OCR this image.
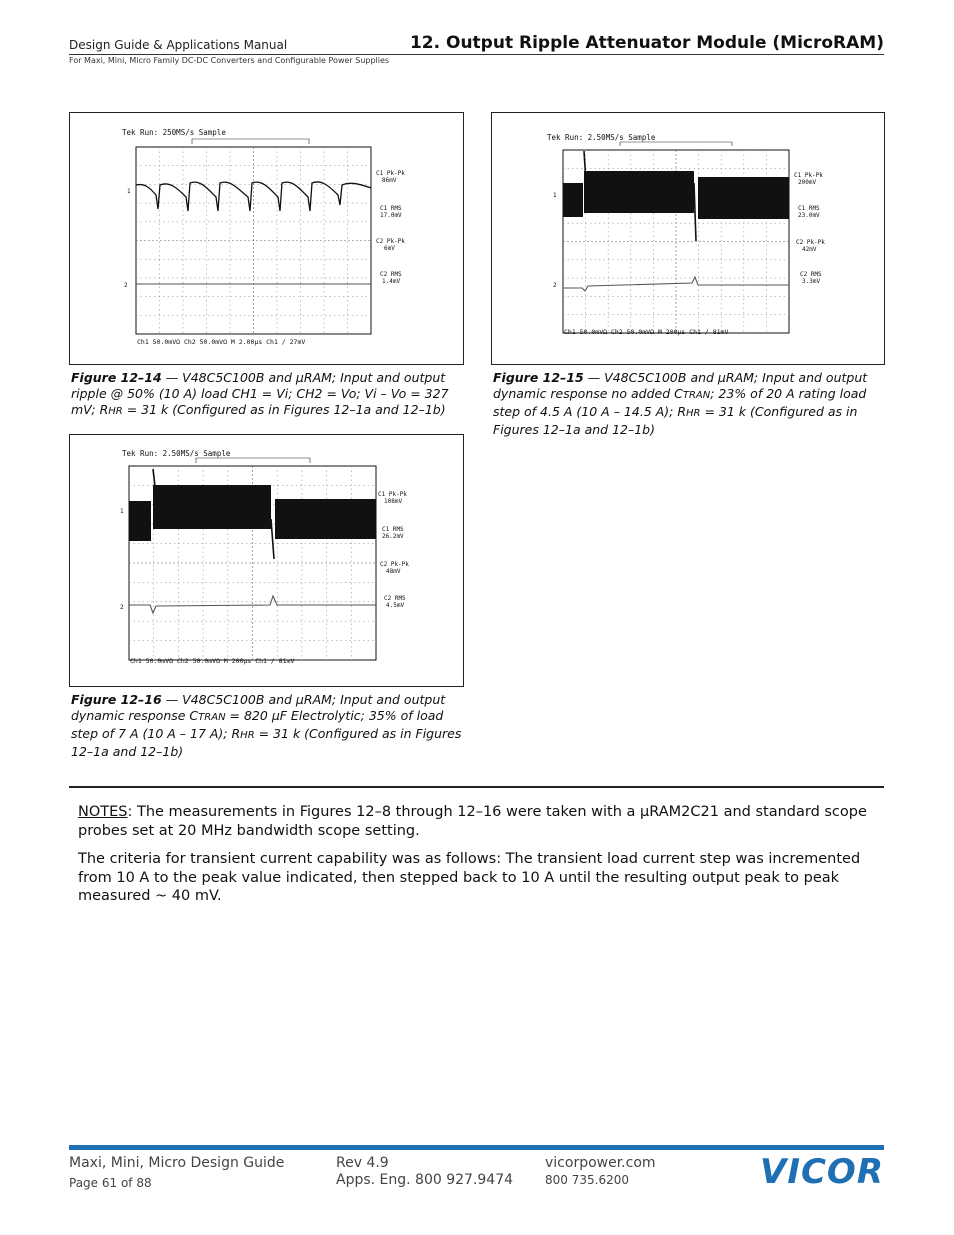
Design Guide & Applications Manual
For Maxi, Mini, Micro Family DC-DC Converters and Configurable Power Supplies
12. Output Ripple Attenuator Module (MicroRAM)
Tek Run: 250MS/s Sample
1
2
C1 Pk-Pk
86mV
C1 RMS
17.0mV
C2 Pk-Pk
6mV
C2 RMS
1.4mV
Ch1 50.0mVΩ Ch2 50.0mVΩ M 2.00µs Ch1 ∕ 27mV
Figure 12–14 — V48C5C100B and µRAM; Input and output ripple @ 50% (10 A) load CH1 = Vi; CH2 = Vo; Vi – Vo = 327 mV; RHR = 31 k (Configured as in Figures 12–1a and 12–1b)
Tek Run: 2.50MS/s Sample
1
2
C1 Pk-Pk
200mV
C1 RMS
23.0mV
C2 Pk-Pk
42mV
C2 RMS
3.3mV
Ch1 50.0mVΩ Ch2 50.0mVΩ M 200µs Ch1 ∕ 81mV
Figure 12–15 — V48C5C100B and µRAM; Input and output dynamic response no added CTRAN; 23% of 20 A rating load step of 4.5 A (10 A – 14.5 A); RHR = 31 k (Configured as in Figures 12–1a and 12–1b)
Tek Run: 2.50MS/s Sample
1
2
C1 Pk-Pk
108mV
C1 RMS
26.2mV
C2 Pk-Pk
48mV
C2 RMS
4.5mV
Ch1 50.0mVΩ Ch2 50.0mVΩ M 200µs Ch1 ∕ 81mV
Figure 12–16 — V48C5C100B and µRAM; Input and output dynamic response CTRAN = 820 µF Electrolytic; 35% of load step of 7 A (10 A – 17 A); RHR = 31 k (Configured as in Figures 12–1a and 12–1b)
NOTES: The measurements in Figures 12–8 through 12–16 were taken with a µRAM2C21 and standard scope probes set at 20 MHz bandwidth scope setting.
The criteria for transient current capability was as follows: The transient load current step was incremented from 10 A to the peak value indicated, then stepped back to 10 A until the resulting output peak to peak measured ~ 40 mV.
Maxi, Mini, Micro Design Guide
Page 61 of 88
Rev 4.9
Apps. Eng. 800 927.9474
vicorpower.com
800 735.6200	VICOR
